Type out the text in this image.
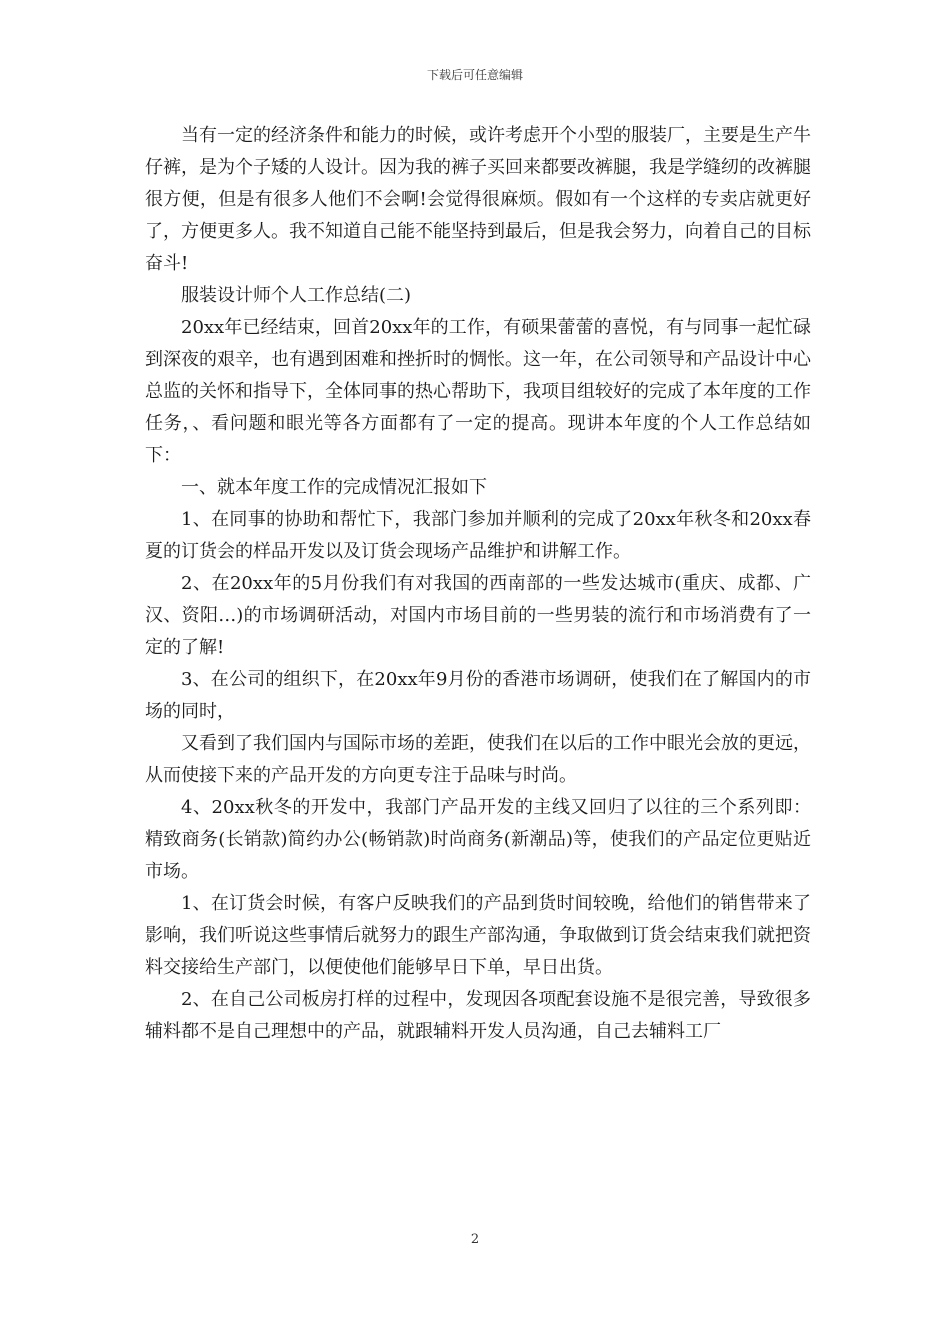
下载后可任意编辑

当有一定的经济条件和能力的时候，或许考虑开个小型的服装厂，主要是生产牛仔裤，是为个子矮的人设计。因为我的裤子买回来都要改裤腿，我是学缝纫的改裤腿很方便，但是有很多人他们不会啊!会觉得很麻烦。假如有一个这样的专卖店就更好了，方便更多人。我不知道自己能不能坚持到最后，但是我会努力，向着自己的目标奋斗!

服装设计师个人工作总结(二)

20xx年已经结束，回首20xx年的工作，有硕果蕾蕾的喜悦，有与同事一起忙碌到深夜的艰辛，也有遇到困难和挫折时的惆怅。这一年，在公司领导和产品设计中心总监的关怀和指导下，全体同事的热心帮助下，我项目组较好的完成了本年度的工作任务，、看问题和眼光等各方面都有了一定的提高。现讲本年度的个人工作总结如下：

一、就本年度工作的完成情况汇报如下

1、在同事的协助和帮忙下，我部门参加并顺利的完成了20xx年秋冬和20xx春夏的订货会的样品开发以及订货会现场产品维护和讲解工作。

2、在20xx年的5月份我们有对我国的西南部的一些发达城市(重庆、成都、广汉、资阳…)的市场调研活动，对国内市场目前的一些男装的流行和市场消费有了一定的了解!

3、在公司的组织下，在20xx年9月份的香港市场调研，使我们在了解国内的市场的同时，

又看到了我们国内与国际市场的差距，使我们在以后的工作中眼光会放的更远，从而使接下来的产品开发的方向更专注于品味与时尚。

4、20xx秋冬的开发中，我部门产品开发的主线又回归了以往的三个系列即：精致商务(长销款)简约办公(畅销款)时尚商务(新潮品)等，使我们的产品定位更贴近市场。

1、在订货会时候，有客户反映我们的产品到货时间较晚，给他们的销售带来了影响，我们听说这些事情后就努力的跟生产部沟通，争取做到订货会结束我们就把资料交接给生产部门，以便使他们能够早日下单，早日出货。

2、在自己公司板房打样的过程中，发现因各项配套设施不是很完善，导致很多辅料都不是自己理想中的产品，就跟辅料开发人员沟通，自己去辅料工厂

2
